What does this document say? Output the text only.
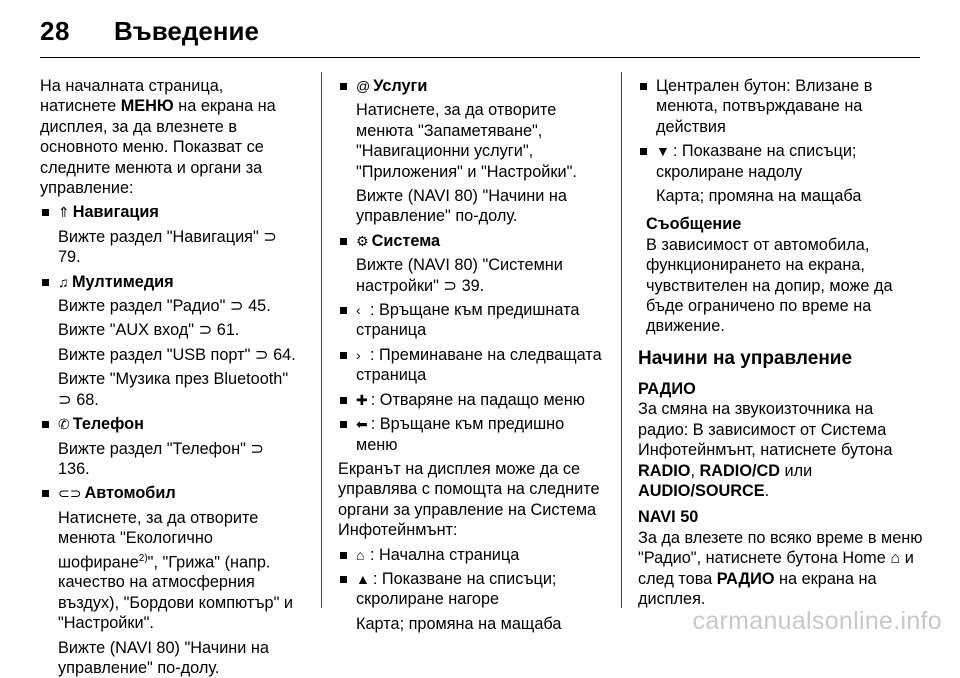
28 Въведение

На началната страница, натиснете МЕНЮ на екрана на дисплея, за да влезнете в основното меню. Показват се следните менюта и органи за управление:

⇑ Навигация
Вижте раздел "Навигация" ⊃ 79.
♫ Мултимедия
Вижте раздел "Радио" ⊃ 45.
Вижте "AUX вход" ⊃ 61.
Вижте раздел "USB порт" ⊃ 64.
Вижте "Музика през Bluetooth" ⊃ 68.
✆ Телефон
Вижте раздел "Телефон" ⊃ 136.
⊂⊃ Автомобил
Натиснете, за да отворите менюта "Екологично шофиране$^{2)}$", "Грижа" (напр. качество на атмосферния въздух), "Бордови компютър" и "Настройки".
Вижте (NAVI 80) "Начини на управление" по-долу.
@ Услуги
Натиснете, за да отворите менюта "Запаметяване", "Навигационни услуги", "Приложения" и "Настройки".
Вижте (NAVI 80) "Начини на управление" по-долу.
⚙ Система
Вижте (NAVI 80) "Системни настройки" ⊃ 39.
‹ : Връщане към предишната страница
› : Преминаване на следващата страница
✚ : Отваряне на падащо меню
⬅ : Връщане към предишно меню

Екранът на дисплея може да се управлява с помощта на следните органи за управление на Система Инфотейнмънт:

⌂ : Начална страница
▲ : Показване на списъци; скролиране нагоре
Карта; промяна на мащаба
Централен бутон: Влизане в менюта, потвърждаване на действия
▼ : Показване на списъци; скролиране надолу
Карта; промяна на мащаба
Съобщение
В зависимост от автомобила, функционирането на екрана, чувствителен на допир, може да бъде ограничено по време на движение.
Начини на управление
РАДИО

За смяна на звукоизточника на радио: В зависимост от Система Инфотейнмънт, натиснете бутона RADIO, RADIO/CD или AUDIO/SOURCE.

NAVI 50

За да влезете по всяко време в меню "Радио", натиснете бутона Home ⌂ и след това РАДИО на екрана на дисплея.

carmanualsonline.info
